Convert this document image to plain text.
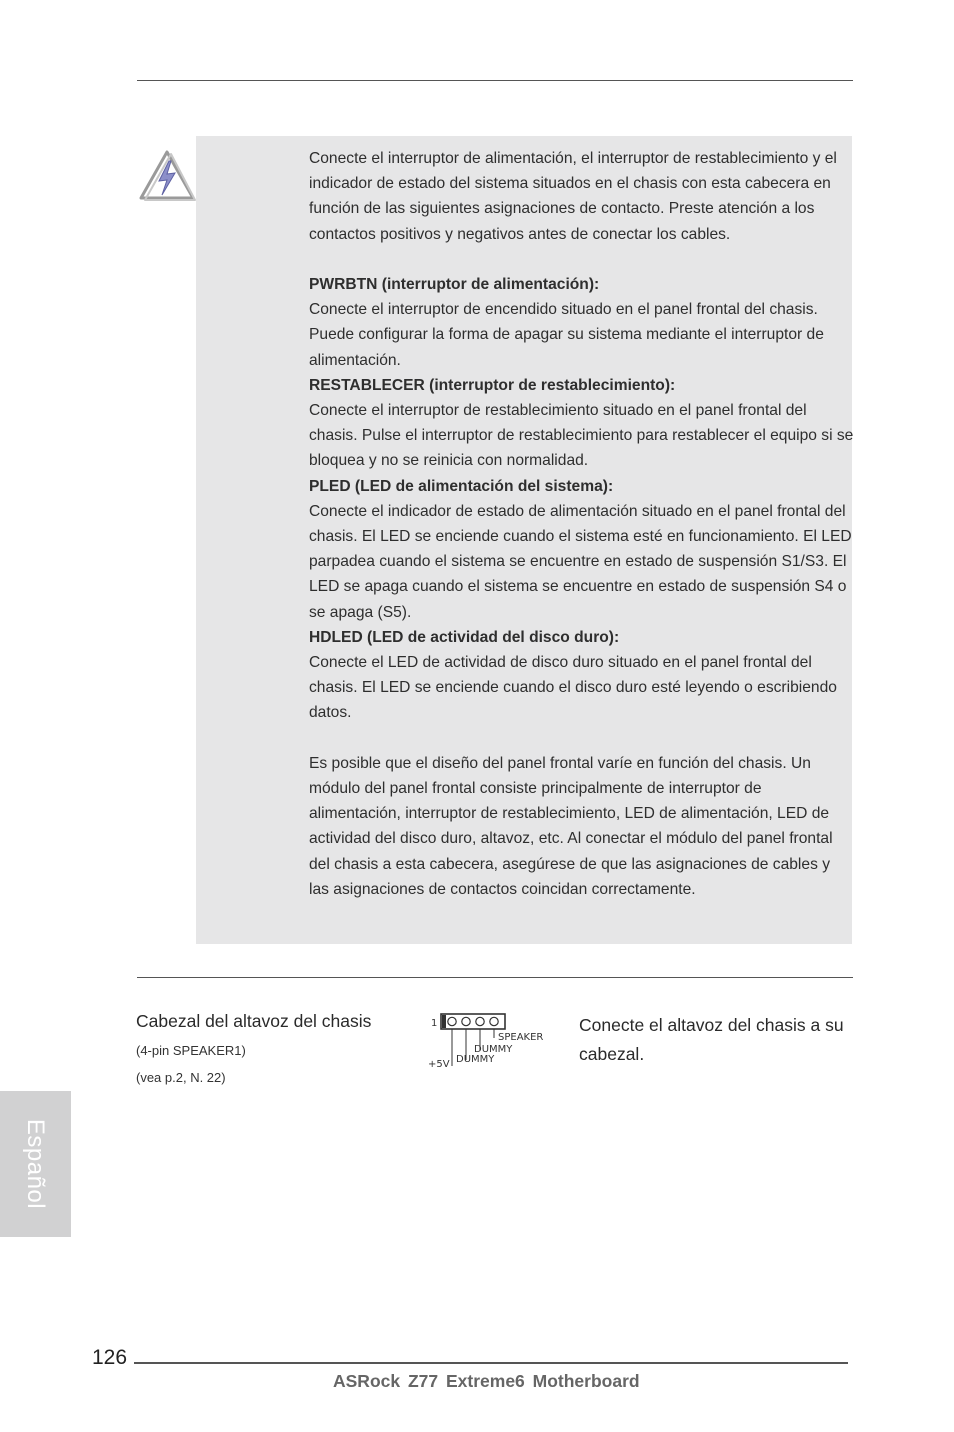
Conecte el interruptor de alimentación, el interruptor de restablecimiento y el indicador de estado del sistema situados en el chasis con esta cabecera en función de las siguientes asignaciones de contacto. Preste atención a los contactos positivos y negativos antes de conectar los cables.

PWRBTN (interruptor de alimentación):

Conecte el interruptor de encendido situado en el panel frontal del chasis. Puede configurar la forma de apagar su sistema mediante el interruptor de alimentación.

RESTABLECER (interruptor de restablecimiento):

Conecte el interruptor de restablecimiento situado en el panel frontal del chasis. Pulse el interruptor de restablecimiento para restablecer el equipo si se bloquea y no se reinicia con normalidad.

PLED (LED de alimentación del sistema):

Conecte el indicador de estado de alimentación situado en el panel frontal del chasis. El LED se enciende cuando el sistema esté en funcionamiento. El LED parpadea cuando el sistema se encuentre en estado de suspensión S1/S3. El LED se apaga cuando el sistema se encuentre en estado de suspensión S4 o se apaga (S5).

HDLED (LED de actividad del disco duro):

Conecte el LED de actividad de disco duro situado en el panel frontal del chasis. El LED se enciende cuando el disco duro esté leyendo o escribiendo datos.

Es posible que el diseño del panel frontal varíe en función del chasis. Un módulo del panel frontal consiste principalmente de interruptor de alimentación, interruptor de restablecimiento, LED de alimentación, LED de actividad del disco duro, altavoz, etc. Al conectar el módulo del panel frontal del chasis a esta cabecera, asegúrese de que las asignaciones de cables y las asignaciones de contactos coincidan correctamente.

Cabezal del altavoz del chasis
(4-pin SPEAKER1)
(vea p.2, N. 22)
1
SPEAKER
DUMMY
+5V DUMMY
Conecte el altavoz del chasis a su cabezal.
Español
126
ASRock Z77 Extreme6 Motherboard
